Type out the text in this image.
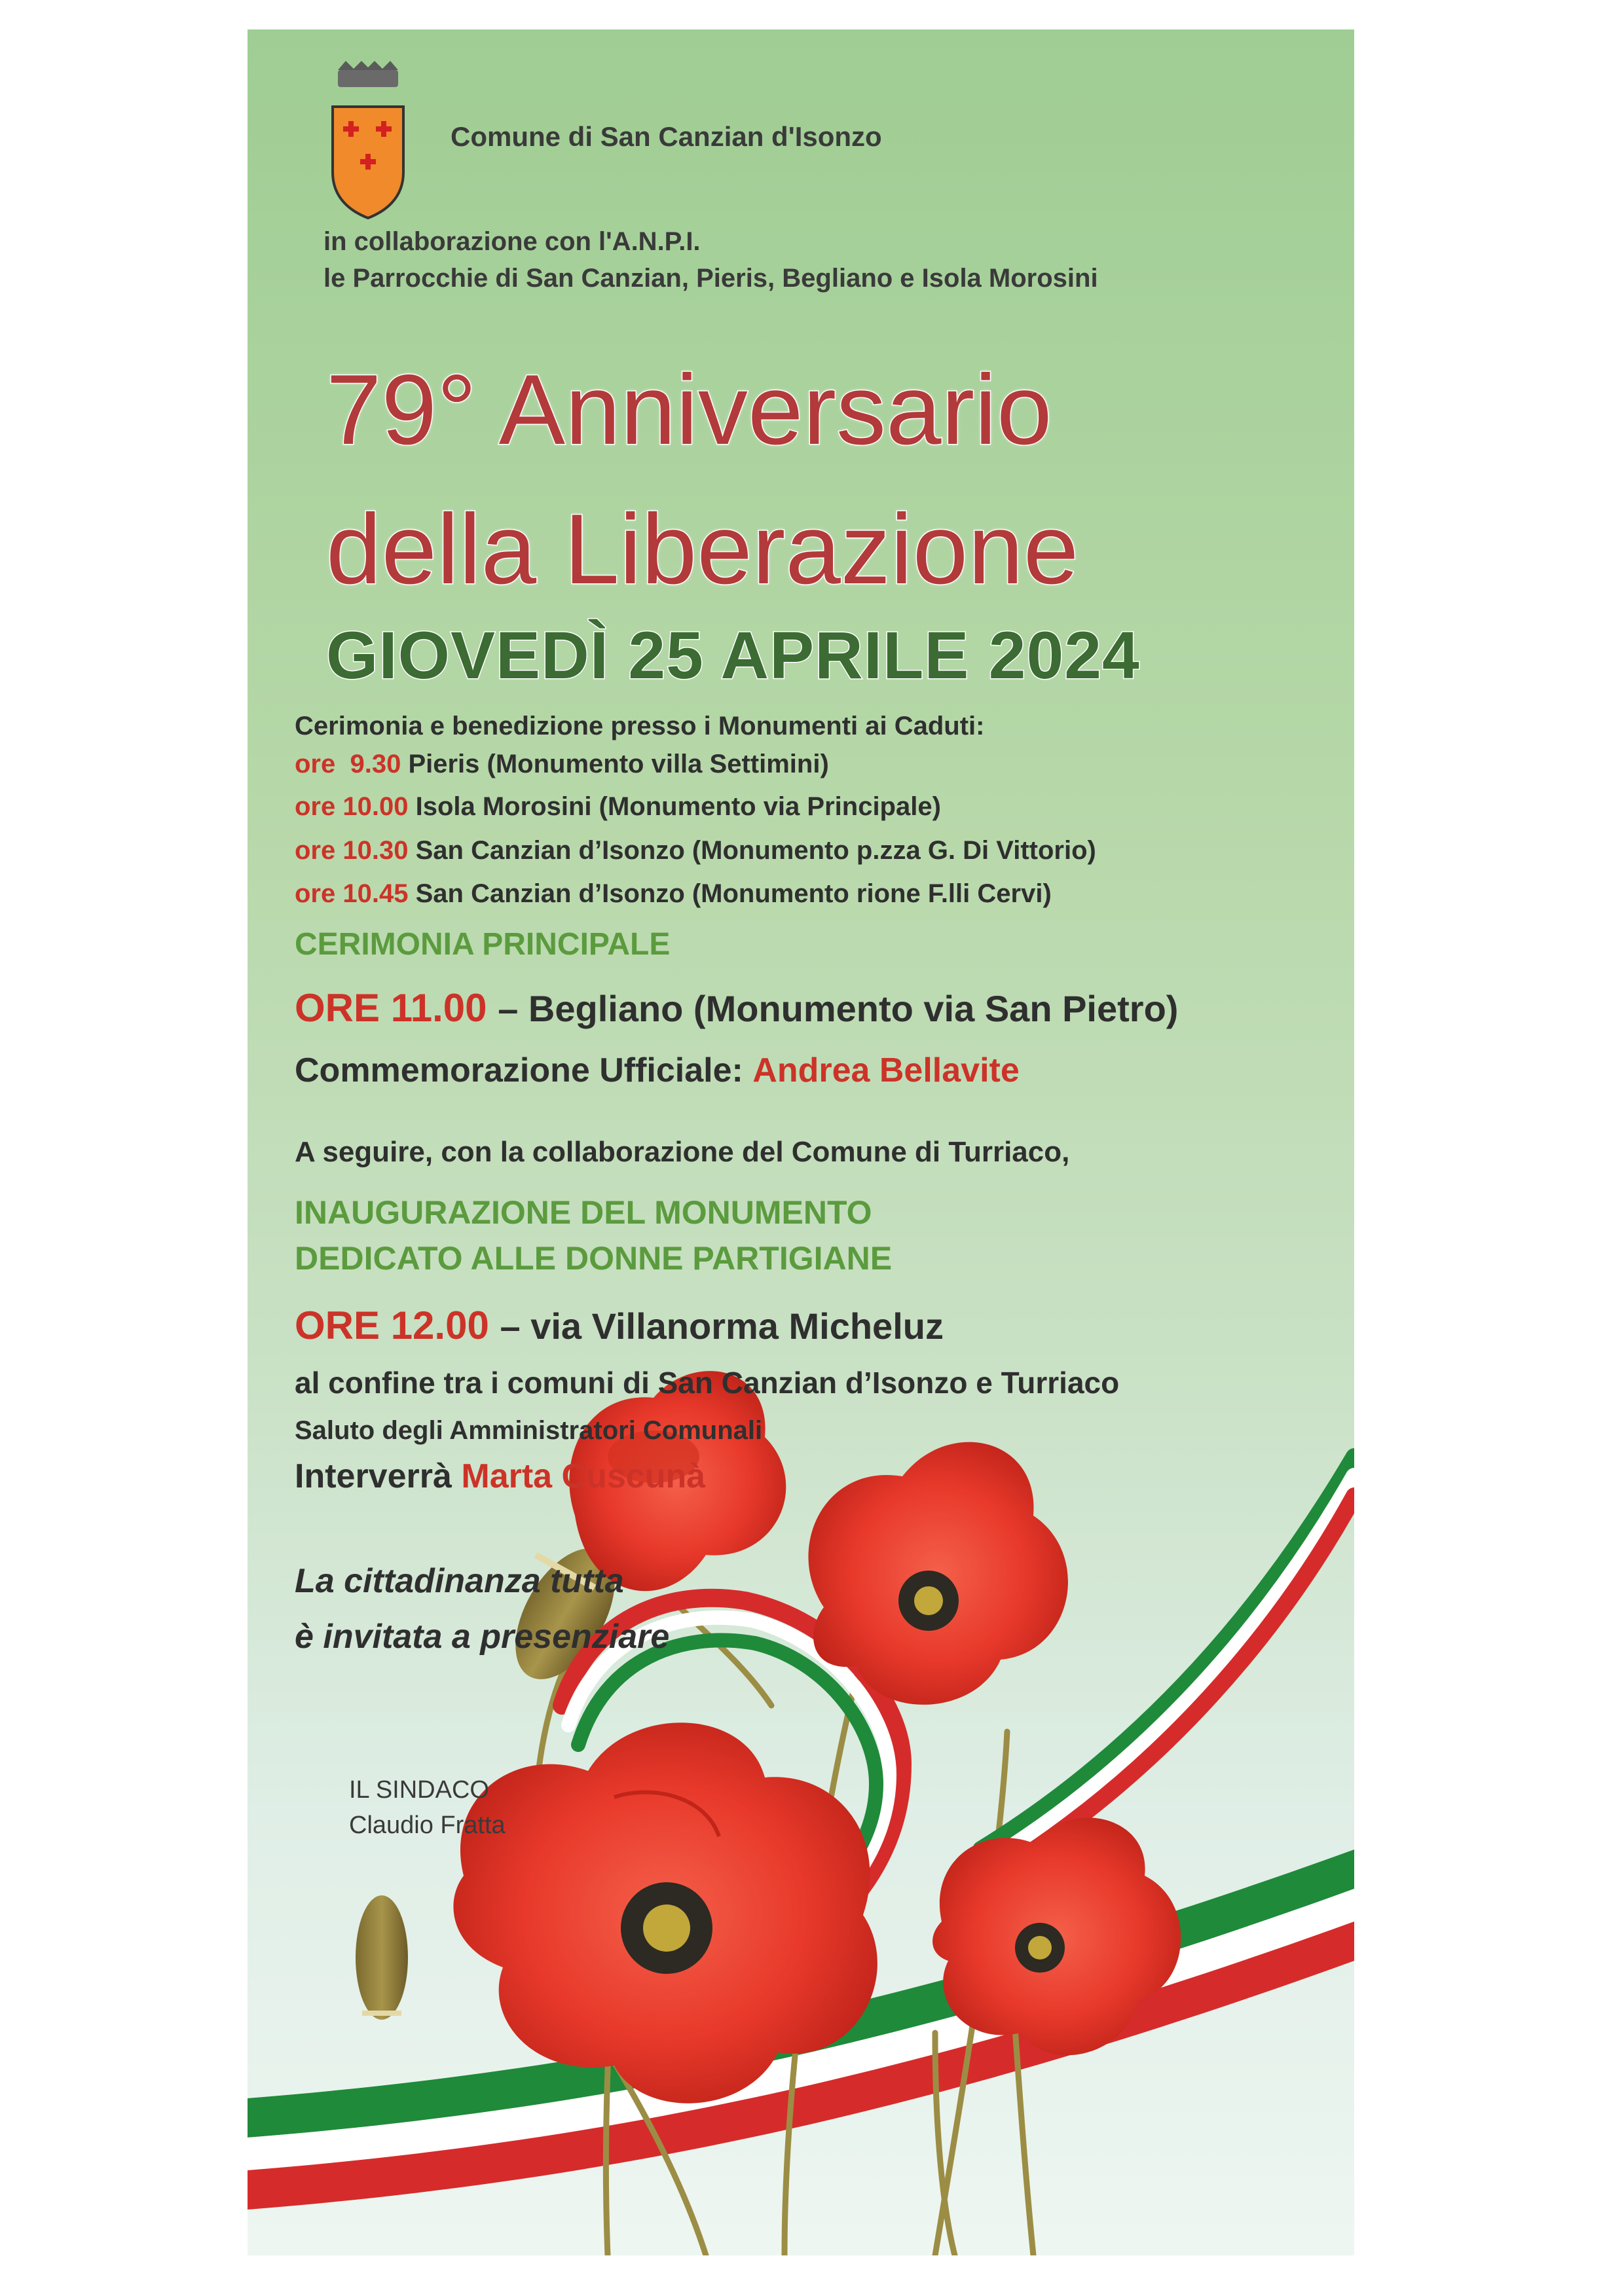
Comune di San Canzian d'Isonzo
in collaborazione con l'A.N.P.I.
le Parrocchie di San Canzian, Pieris, Begliano e Isola Morosini
79° Anniversario
della Liberazione
GIOVEDÌ 25 APRILE 2024
Cerimonia e benedizione presso i Monumenti ai Caduti:
ore  9.30 Pieris (Monumento villa Settimini)
ore 10.00 Isola Morosini (Monumento via Principale)
ore 10.30 San Canzian d’Isonzo (Monumento p.zza G. Di Vittorio)
ore 10.45 San Canzian d’Isonzo (Monumento rione F.lli Cervi)
CERIMONIA PRINCIPALE
ORE 11.00 – Begliano (Monumento via San Pietro)
Commemorazione Ufficiale: Andrea Bellavite
A seguire, con la collaborazione del Comune di Turriaco,
INAUGURAZIONE DEL MONUMENTO
DEDICATO ALLE DONNE PARTIGIANE
ORE 12.00 – via Villanorma Micheluz
al confine tra i comuni di San Canzian d’Isonzo e Turriaco
Saluto degli Amministratori Comunali
Interverrà Marta Cuscunà
La cittadinanza tutta
è invitata a presenziare
IL SINDACO
Claudio Fratta
